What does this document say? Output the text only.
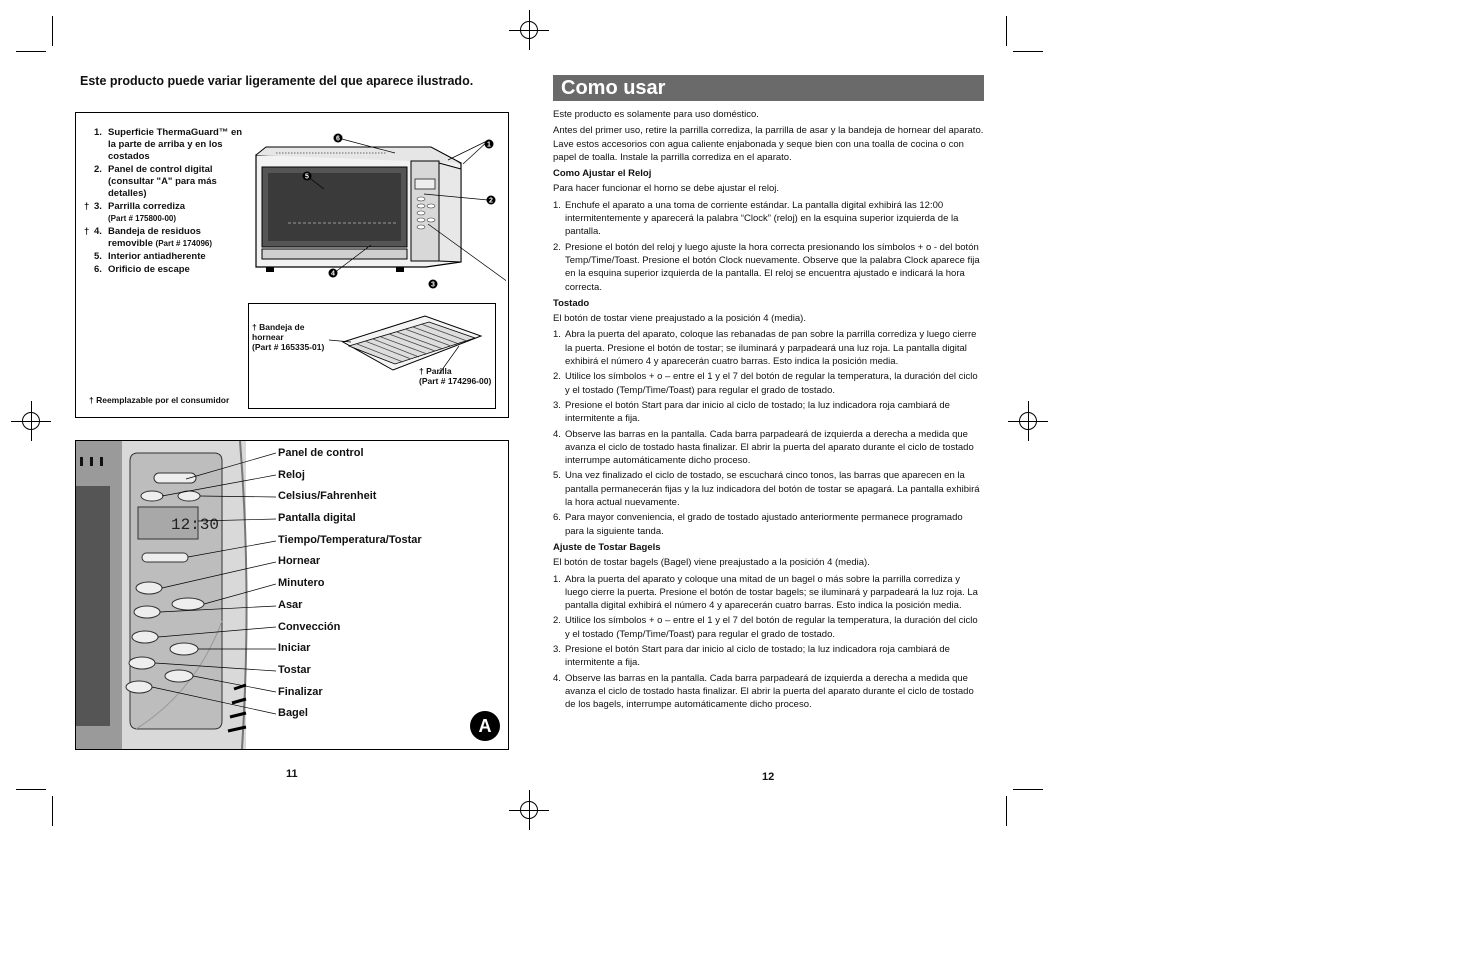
Este producto puede variar ligeramente del que aparece ilustrado.
1. Superficie ThermaGuard™ en la parte de arriba y en los costados
2. Panel de control digital (consultar "A" para más detalles)
† 3. Parrilla corrediza
(Part # 175800-00)
† 4. Bandeja de residuos removible (Part # 174096)
5. Interior antiadherente
6. Orificio de escape
6
1
2
5
4
3
† Bandeja de
hornear
(Part # 165335-01)
† Parilla
(Part # 174296-00)
† Reemplazable por el consumidor
12:30
Panel de control
Reloj
Celsius/Fahrenheit
Pantalla digital
Tiempo/Temperatura/Tostar
Hornear
Minutero
Asar
Convección
Iniciar
Tostar
Finalizar
Bagel
A
11
Como usar

Este producto es solamente para uso doméstico.

Antes del primer uso, retire la parrilla corrediza, la parrilla de asar y la bandeja de hornear del aparato. Lave estos accesorios con agua caliente enjabonada y seque bien con una toalla de cocina o con papel de toalla. Instale la parrilla corrediza en el aparato.

Como Ajustar el Reloj

Para hacer funcionar el horno se debe ajustar el reloj.

1. Enchufe el aparato a una toma de corriente estándar. La pantalla digital exhibirá las 12:00 intermitentemente y aparecerá la palabra “Clock” (reloj) en la esquina superior izquierda de la pantalla.
2. Presione el botón del reloj y luego ajuste la hora correcta presionando los símbolos + o - del botón Temp/Time/Toast. Presione el botón Clock nuevamente. Observe que la palabra Clock aparece fija en la esquina superior izquierda de la pantalla. El reloj se encuentra ajustado e indicará la hora correcta.
Tostado

El botón de tostar viene preajustado a la posición 4 (media).

1. Abra la puerta del aparato, coloque las rebanadas de pan sobre la parrilla corrediza y luego cierre la puerta. Presione el botón de tostar; se iluminará y parpadeará una luz roja. La pantalla digital exhibirá el número 4 y aparecerán cuatro barras. Esto indica la posición media.
2. Utilice los símbolos + o – entre el 1 y el 7 del botón de regular la temperatura, la duración del ciclo y el tostado (Temp/Time/Toast) para regular el grado de tostado.
3. Presione el botón Start para dar inicio al ciclo de tostado; la luz indicadora roja cambiará de intermitente a fija.
4. Observe las barras en la pantalla. Cada barra parpadeará de izquierda a derecha a medida que avanza el ciclo de tostado hasta finalizar. El abrir la puerta del aparato durante el ciclo de tostado interrumpe automáticamente dicho proceso.
5. Una vez finalizado el ciclo de tostado, se escuchará cinco tonos, las barras que aparecen en la pantalla permanecerán fijas y la luz indicadora del botón de tostar se apagará. La pantalla exhibirá la hora actual nuevamente.
6. Para mayor conveniencia, el grado de tostado ajustado anteriormente permanece programado para la siguiente tanda.
Ajuste de Tostar Bagels

El botón de tostar bagels (Bagel) viene preajustado a la posición 4 (media).

1. Abra la puerta del aparato y coloque una mitad de un bagel o más sobre la parrilla corrediza y luego cierre la puerta. Presione el botón de tostar bagels; se iluminará y parpadeará la luz roja. La pantalla digital exhibirá el número 4 y aparecerán cuatro barras. Esto indica la posición media.
2. Utilice los símbolos + o – entre el 1 y el 7 del botón de regular la temperatura, la duración del ciclo y el tostado (Temp/Time/Toast) para regular el grado de tostado.
3. Presione el botón Start para dar inicio al ciclo de tostado; la luz indicadora roja cambiará de intermitente a fija.
4. Observe las barras en la pantalla. Cada barra parpadeará de izquierda a derecha a medida que avanza el ciclo de tostado hasta finalizar. El abrir la puerta del aparato durante el ciclo de tostado de los bagels, interrumpe automáticamente dicho proceso.
12
